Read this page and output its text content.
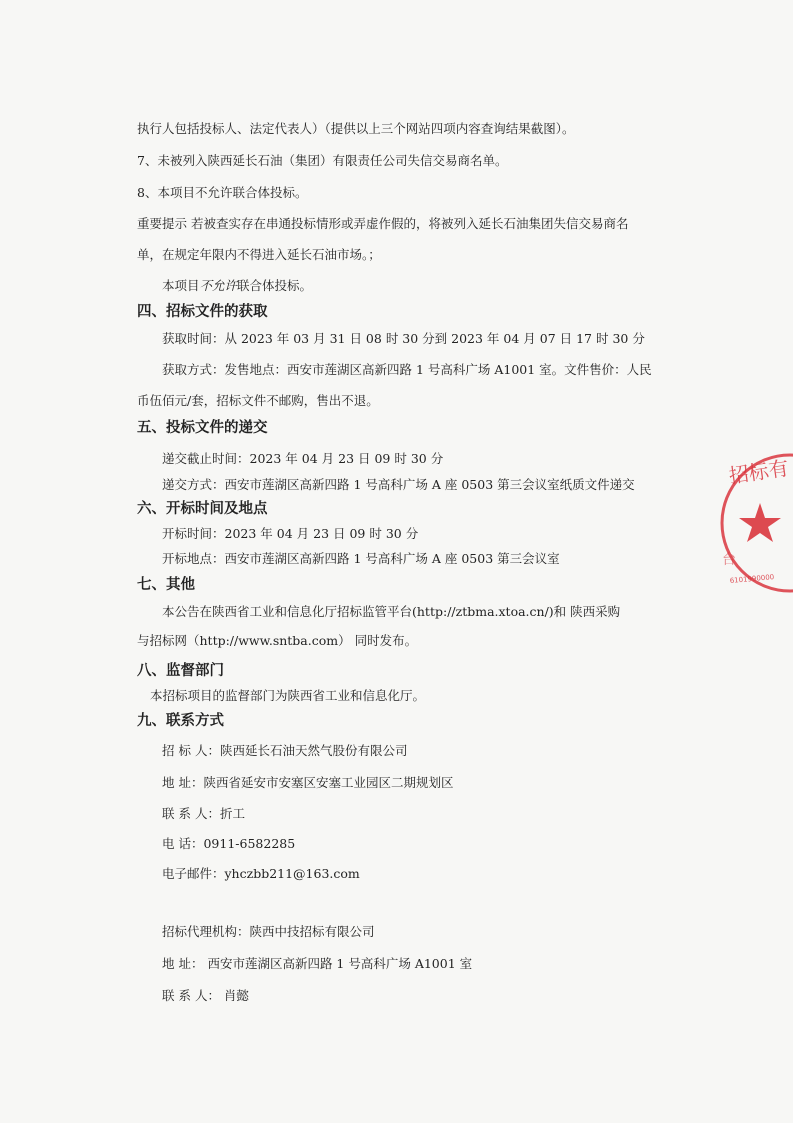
执行人包括投标人、法定代表人）（提供以上三个网站四项内容查询结果截图）。
7、未被列入陕西延长石油（集团）有限责任公司失信交易商名单。
8、本项目不允许联合体投标。
重要提示 若被查实存在串通投标情形或弄虚作假的，将被列入延长石油集团失信交易商名
单，在规定年限内不得进入延长石油市场。；
本项目不允许联合体投标。
四、招标文件的获取
获取时间：从 2023 年 03 月 31 日 08 时 30 分到 2023 年 04 月 07 日 17 时 30 分
获取方式：发售地点：西安市莲湖区高新四路 1 号高科广场 A1001 室。文件售价：人民
币伍佰元/套，招标文件不邮购，售出不退。
五、投标文件的递交
递交截止时间：2023 年 04 月 23 日 09 时 30 分
递交方式：西安市莲湖区高新四路 1 号高科广场 A 座 0503 第三会议室纸质文件递交
六、开标时间及地点
开标时间：2023 年 04 月 23 日 09 时 30 分
开标地点：西安市莲湖区高新四路 1 号高科广场 A 座 0503 第三会议室
七、其他
本公告在陕西省工业和信息化厅招标监管平台(http://ztbma.xtoa.cn/)和 陕西采购
与招标网（http://www.sntba.com） 同时发布。
八、监督部门
本招标项目的监督部门为陕西省工业和信息化厅。
九、联系方式
招 标 人：陕西延长石油天然气股份有限公司
地 址：陕西省延安市安塞区安塞工业园区二期规划区
联 系 人：折工
电 话：0911-6582285
电子邮件：yhczbb211@163.com
招标代理机构：陕西中技招标有限公司
地 址： 西安市莲湖区高新四路 1 号高科广场 A1001 室
联 系 人： 肖懿
招标有
6101990000
台
